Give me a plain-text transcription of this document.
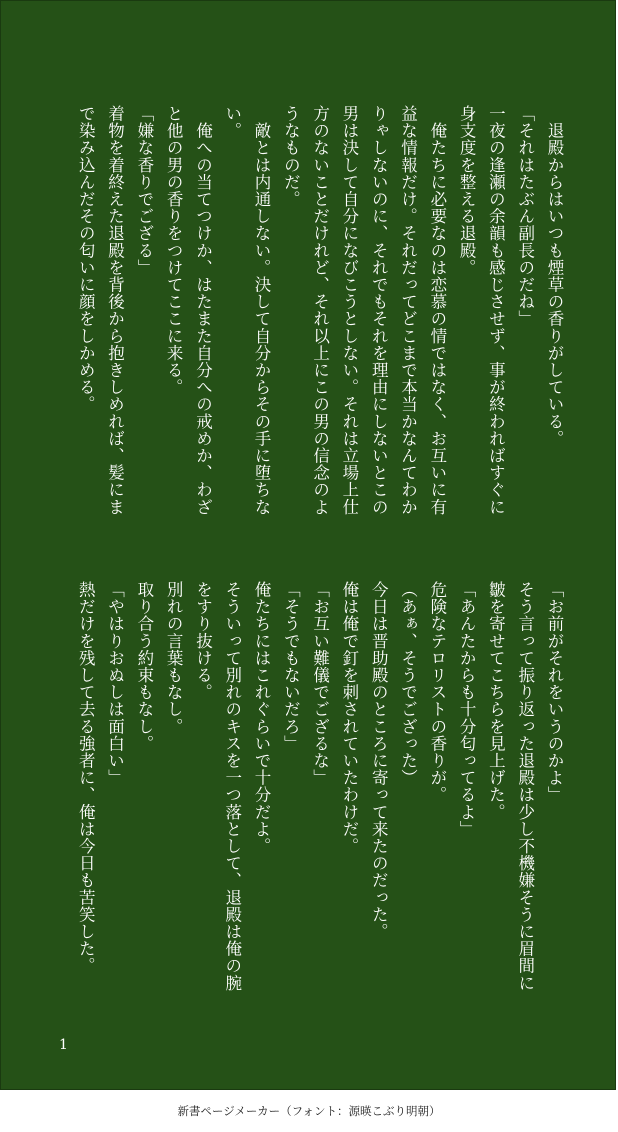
　退殿からはいつも煙草の香りがしている。
「それはたぶん副長のだね」
一夜の逢瀬の余韻も感じさせず、事が終わればすぐに
身支度を整える退殿。
　俺たちに必要なのは恋慕の情ではなく、お互いに有
益な情報だけ。それだってどこまで本当かなんてわか
りゃしないのに、それでもそれを理由にしないとこの
男は決して自分になびこうとしない。それは立場上仕
方のないことだけれど、それ以上にこの男の信念のよ
うなものだ。
　敵とは内通しない。決して自分からその手に堕ちな
い。
　俺への当てつけか、はたまた自分への戒めか、わざ
と他の男の香りをつけてここに来る。
「嫌な香りでござる」
着物を着終えた退殿を背後から抱きしめれば、髪にま
で染み込んだその匂いに顔をしかめる。
「お前がそれをいうのかよ」
そう言って振り返った退殿は少し不機嫌そうに眉間に
皺を寄せてこちらを見上げた。
「あんたからも十分匂ってるよ」
危険なテロリストの香りが。
（あぁ、そうでござった）
今日は晋助殿のところに寄って来たのだった。
俺は俺で釘を刺されていたわけだ。
「お互い難儀でござるな」
「そうでもないだろ」
俺たちにはこれぐらいで十分だよ。
そういって別れのキスを一つ落として、退殿は俺の腕
をすり抜ける。
別れの言葉もなし。
取り合う約束もなし。
「やはりおぬしは面白い」
熱だけを残して去る強者に、俺は今日も苦笑した。
1
新書ページメーカー（フォント：源暎こぶり明朝）
